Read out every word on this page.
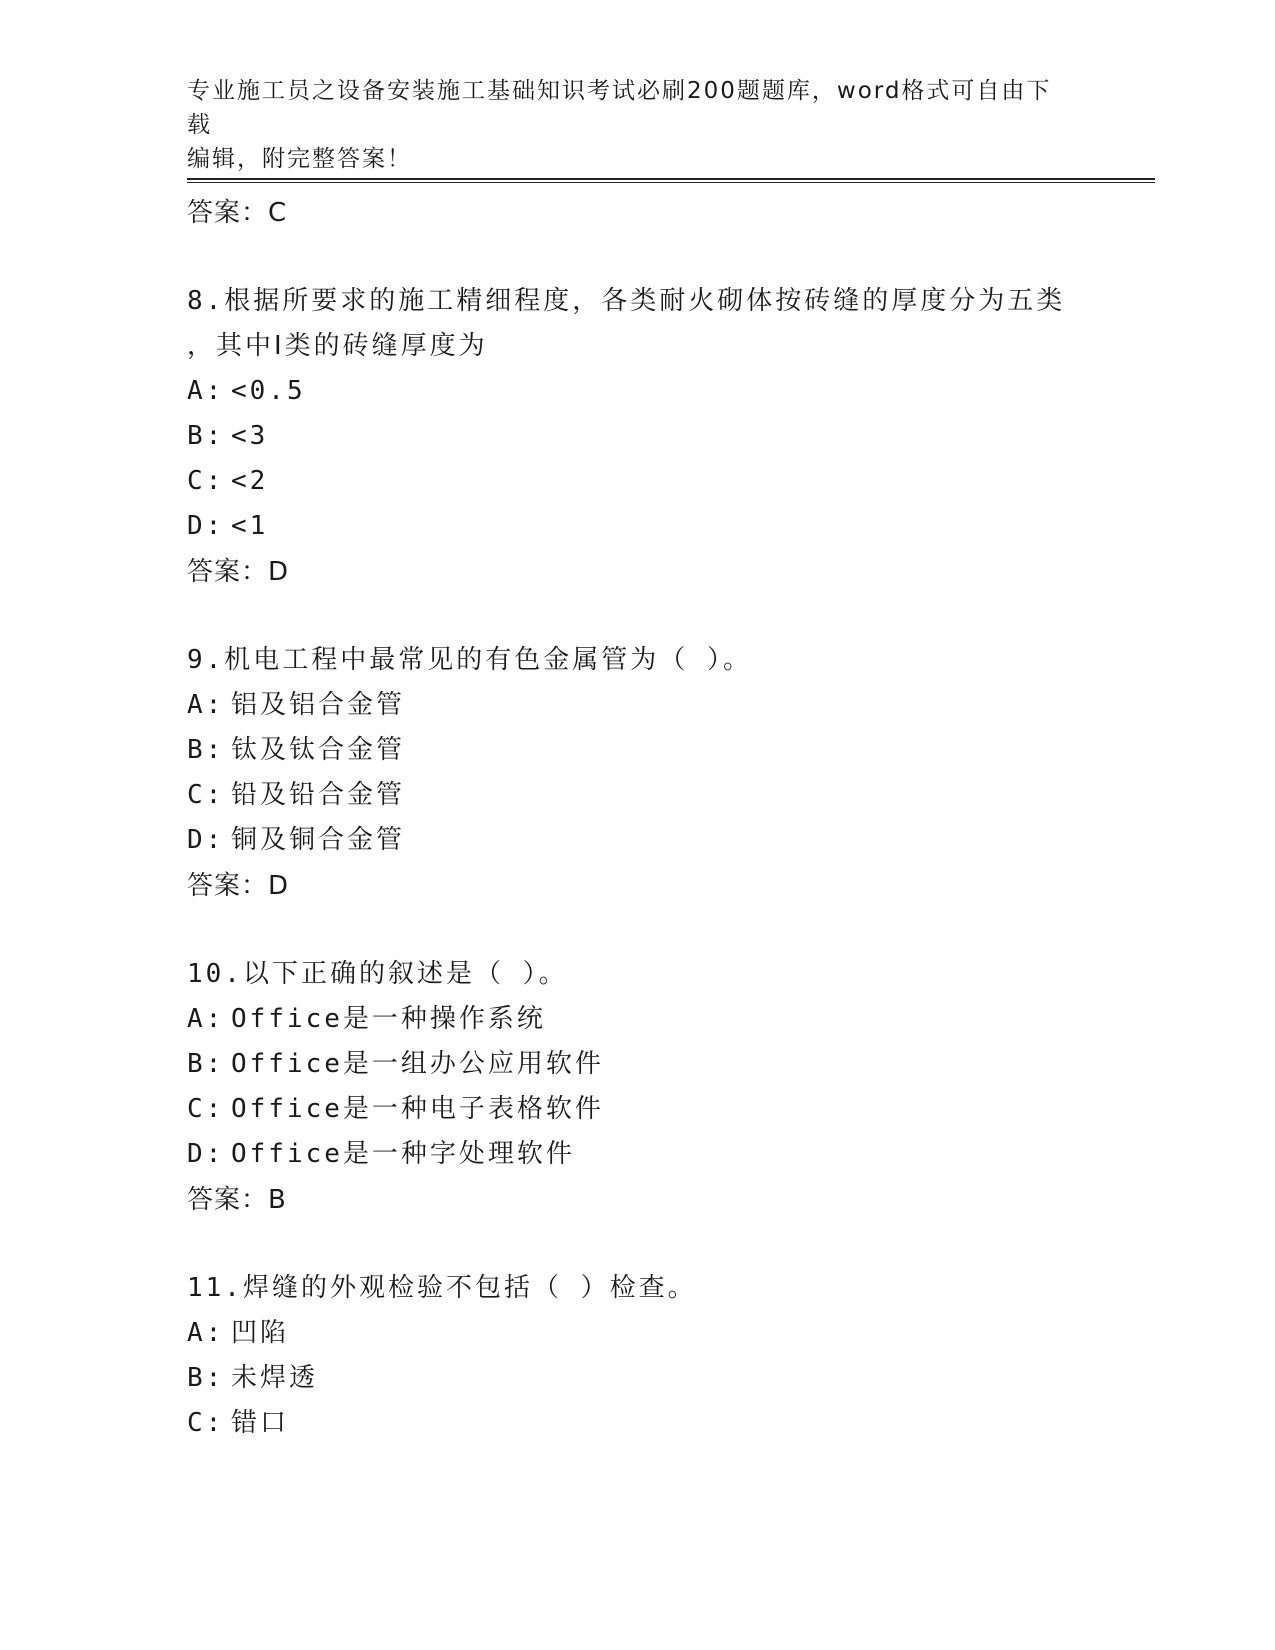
专业施工员之设备安装施工基础知识考试必刷200题题库，word格式可自由下载
编辑，附完整答案！
答案：C
8.根据所要求的施工精细程度，各类耐火砌体按砖缝的厚度分为五类
，其中Ⅰ类的砖缝厚度为
A: <0.5
B: <3
C: <2
D: <1
答案：D
9.机电工程中最常见的有色金属管为（ ）。
A: 铝及铝合金管
B: 钛及钛合金管
C: 铅及铅合金管
D: 铜及铜合金管
答案：D
10.以下正确的叙述是（ ）。
A: Office是一种操作系统
B: Office是一组办公应用软件
C: Office是一种电子表格软件
D: Office是一种字处理软件
答案：B
11.焊缝的外观检验不包括（ ）检查。
A: 凹陷
B: 未焊透
C: 错口
